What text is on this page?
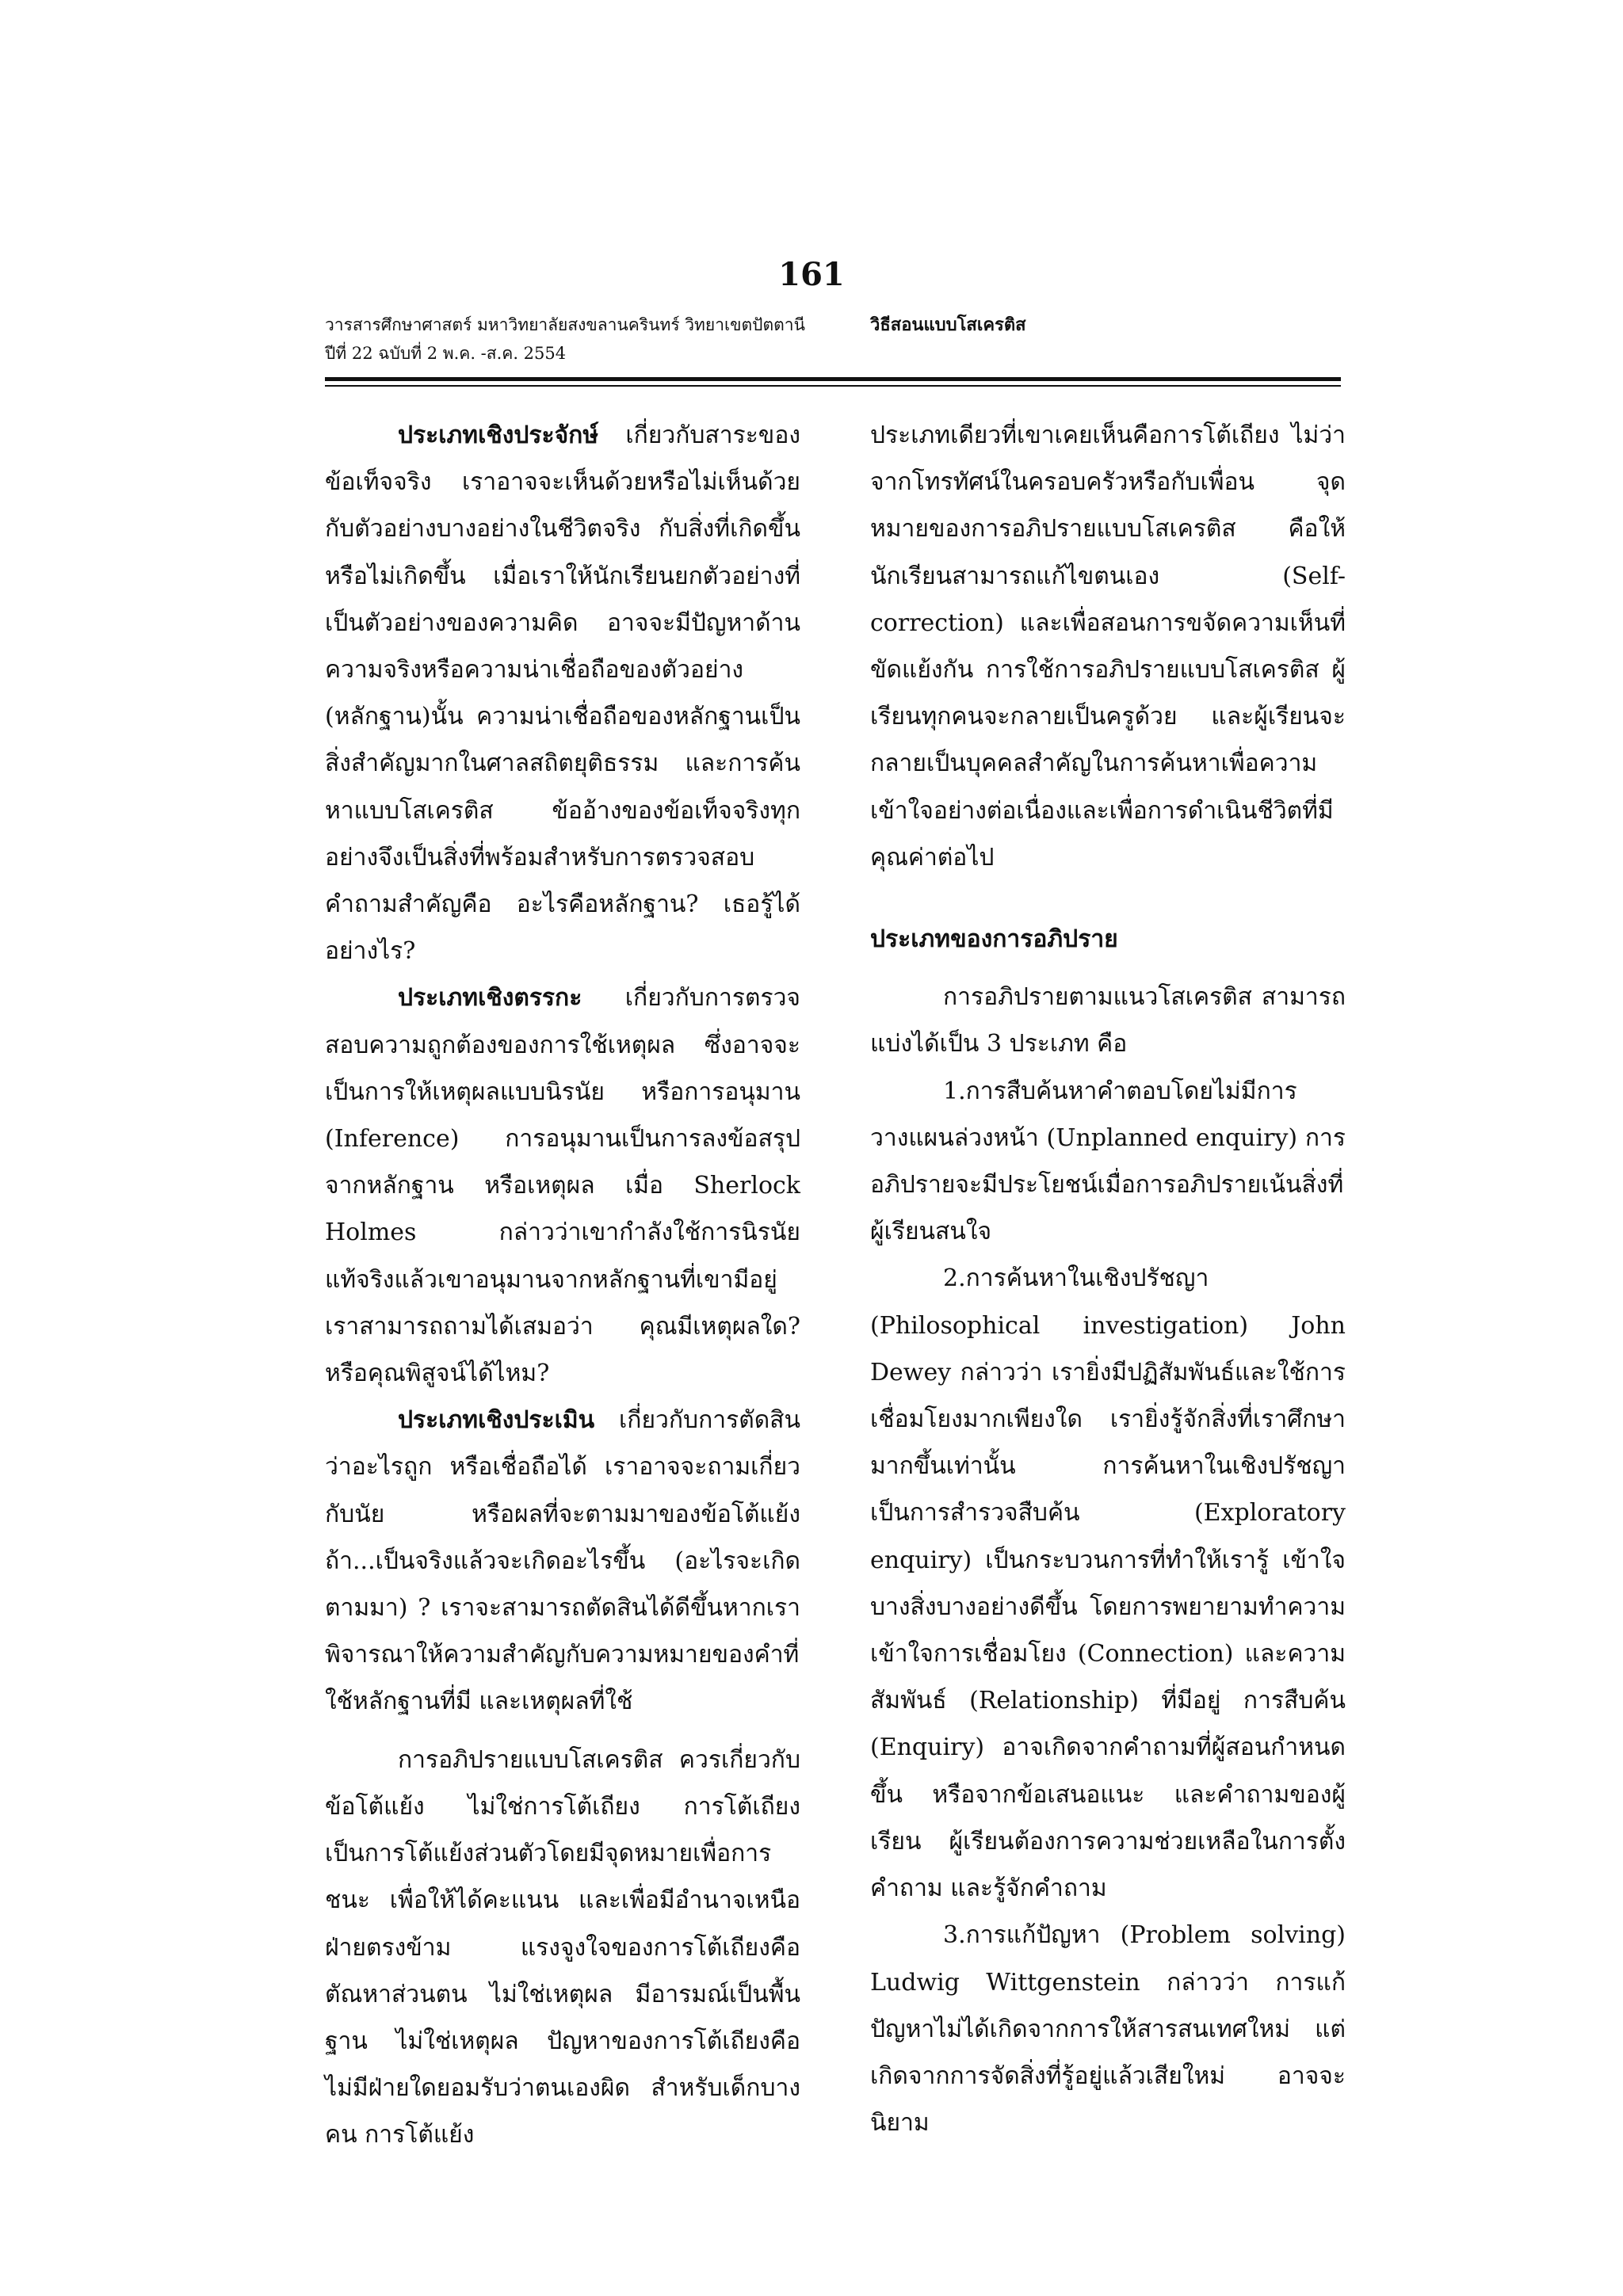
161
วารสารศึกษาศาสตร์ มหาวิทยาลัยสงขลานครินทร์ วิทยาเขตปัตตานี
ปีที่ 22 ฉบับที่ 2 พ.ค. -ส.ค. 2554
วิธีสอนแบบโสเครติส

ประเภทเชิงประจักษ์ เกี่ยวกับสาระของข้อเท็จจริง เราอาจจะเห็นด้วยหรือไม่เห็นด้วยกับตัวอย่างบางอย่างในชีวิตจริง กับสิ่งที่เกิดขึ้นหรือไม่เกิดขึ้น เมื่อเราให้นักเรียนยกตัวอย่างที่เป็นตัวอย่างของความคิด อาจจะมีปัญหาด้านความจริงหรือความน่าเชื่อถือของตัวอย่าง (หลักฐาน)นั้น ความน่าเชื่อถือของหลักฐานเป็นสิ่งสำคัญมากในศาลสถิตยุติธรรม และการค้นหาแบบโสเครติส ข้ออ้างของข้อเท็จจริงทุกอย่างจึงเป็นสิ่งที่พร้อมสำหรับการตรวจสอบ คำถามสำคัญคือ อะไรคือหลักฐาน? เธอรู้ได้อย่างไร?

ประเภทเชิงตรรกะ เกี่ยวกับการตรวจสอบความถูกต้องของการใช้เหตุผล ซึ่งอาจจะเป็นการให้เหตุผลแบบนิรนัย หรือการอนุมาน (Inference) การอนุมานเป็นการลงข้อสรุปจากหลักฐาน หรือเหตุผล เมื่อ Sherlock Holmes กล่าวว่าเขากำลังใช้การนิรนัย แท้จริงแล้วเขาอนุมานจากหลักฐานที่เขามีอยู่ เราสามารถถามได้เสมอว่า คุณมีเหตุผลใด? หรือคุณพิสูจน์ได้ไหม?

ประเภทเชิงประเมิน เกี่ยวกับการตัดสินว่าอะไรถูก หรือเชื่อถือได้ เราอาจจะถามเกี่ยวกับนัย หรือผลที่จะตามมาของข้อโต้แย้ง ถ้า...เป็นจริงแล้วจะเกิดอะไรขึ้น (อะไรจะเกิดตามมา) ? เราจะสามารถตัดสินได้ดีขึ้นหากเราพิจารณาให้ความสำคัญกับความหมายของคำที่ใช้หลักฐานที่มี และเหตุผลที่ใช้

การอภิปรายแบบโสเครติส ควรเกี่ยวกับข้อโต้แย้ง ไม่ใช่การโต้เถียง การโต้เถียงเป็นการโต้แย้งส่วนตัวโดยมีจุดหมายเพื่อการชนะ เพื่อให้ได้คะแนน และเพื่อมีอำนาจเหนือฝ่ายตรงข้าม แรงจูงใจของการโต้เถียงคือตัณหาส่วนตน ไม่ใช่เหตุผล มีอารมณ์เป็นพื้นฐาน ไม่ใช่เหตุผล ปัญหาของการโต้เถียงคือไม่มีฝ่ายใดยอมรับว่าตนเองผิด สำหรับเด็กบางคน การโต้แย้ง

ประเภทเดียวที่เขาเคยเห็นคือการโต้เถียง ไม่ว่าจากโทรทัศน์ในครอบครัวหรือกับเพื่อน จุดหมายของการอภิปรายแบบโสเครติส คือให้นักเรียนสามารถแก้ไขตนเอง (Self-correction) และเพื่อสอนการขจัดความเห็นที่ขัดแย้งกัน การใช้การอภิปรายแบบโสเครติส ผู้เรียนทุกคนจะกลายเป็นครูด้วย และผู้เรียนจะกลายเป็นบุคคลสำคัญในการค้นหาเพื่อความเข้าใจอย่างต่อเนื่องและเพื่อการดำเนินชีวิตที่มีคุณค่าต่อไป

ประเภทของการอภิปราย

การอภิปรายตามแนวโสเครติส สามารถแบ่งได้เป็น 3 ประเภท คือ

1.การสืบค้นหาคำตอบโดยไม่มีการวางแผนล่วงหน้า (Unplanned enquiry) การอภิปรายจะมีประโยชน์เมื่อการอภิปรายเน้นสิ่งที่ผู้เรียนสนใจ

2.การค้นหาในเชิงปรัชญา (Philosophical investigation) John Dewey กล่าวว่า เรายิ่งมีปฏิสัมพันธ์และใช้การเชื่อมโยงมากเพียงใด เรายิ่งรู้จักสิ่งที่เราศึกษามากขึ้นเท่านั้น การค้นหาในเชิงปรัชญาเป็นการสำรวจสืบค้น (Exploratory enquiry) เป็นกระบวนการที่ทำให้เรารู้ เข้าใจบางสิ่งบางอย่างดีขึ้น โดยการพยายามทำความเข้าใจการเชื่อมโยง (Connection) และความสัมพันธ์ (Relationship) ที่มีอยู่ การสืบค้น (Enquiry) อาจเกิดจากคำถามที่ผู้สอนกำหนดขึ้น หรือจากข้อเสนอแนะ และคำถามของผู้เรียน ผู้เรียนต้องการความช่วยเหลือในการตั้งคำถาม และรู้จักคำถาม

3.การแก้ปัญหา (Problem solving) Ludwig Wittgenstein กล่าวว่า การแก้ปัญหาไม่ได้เกิดจากการให้สารสนเทศใหม่ แต่เกิดจากการจัดสิ่งที่รู้อยู่แล้วเสียใหม่ อาจจะนิยาม
